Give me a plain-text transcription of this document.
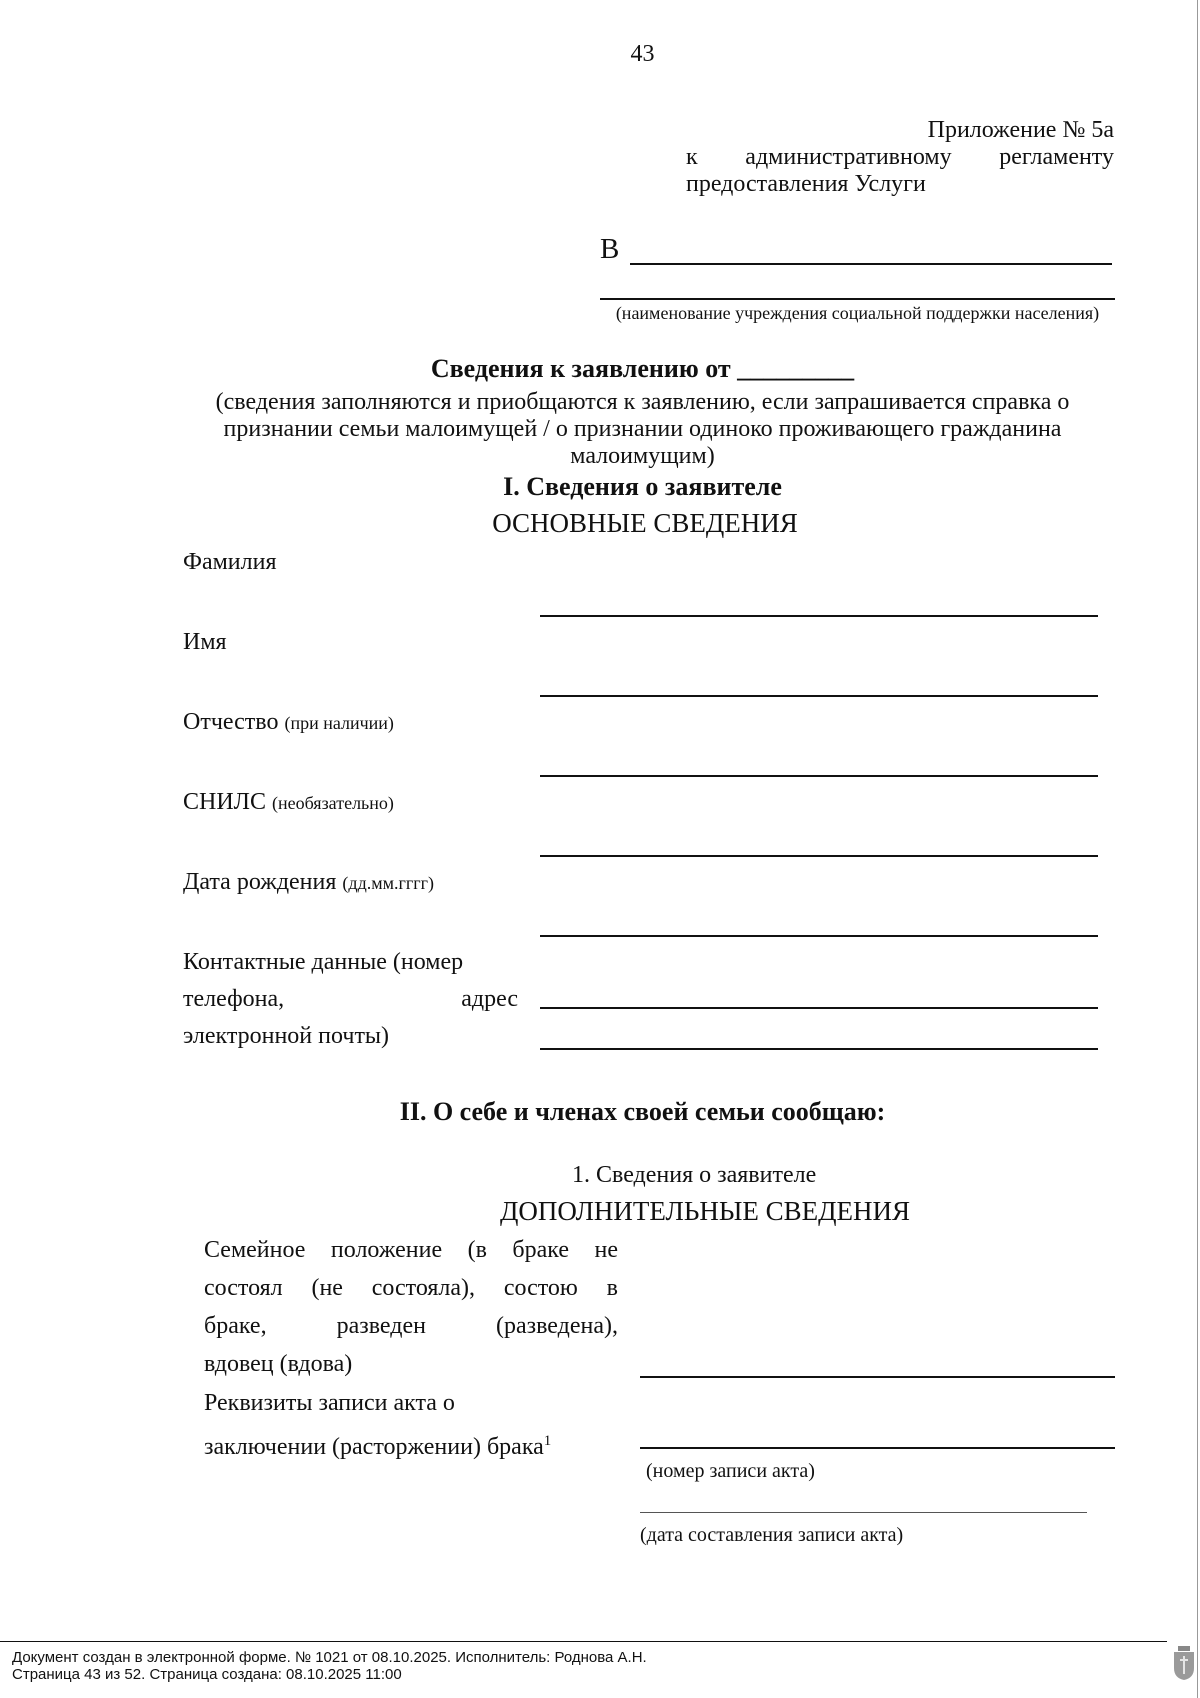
43
Приложение № 5а
к административному регламенту
предоставления Услуги
В
(наименование учреждения социальной поддержки населения)
Сведения к заявлению от _________
(сведения заполняются и приобщаются к заявлению, если запрашивается справка о
признании семьи малоимущей / о признании одиноко проживающего гражданина
малоимущим)
I. Сведения о заявителе
ОСНОВНЫЕ СВЕДЕНИЯ
Фамилия
Имя
Отчество (при наличии)
СНИЛС (необязательно)
Дата рождения (дд.мм.гггг)
Контактные данные (номер
телефона,	адрес
электронной почты)
II. О себе и членах своей семьи сообщаю:
1. Сведения о заявителе
ДОПОЛНИТЕЛЬНЫЕ СВЕДЕНИЯ
Семейное положение (в браке не
состоял (не состояла), состою в
браке,	разведен	(разведена),
вдовец (вдова)
Реквизиты записи акта о
заключении (расторжении) брака$^1$
(номер записи акта)
(дата составления записи акта)
Документ создан в электронной форме. № 1021 от 08.10.2025. Исполнитель: Роднова А.Н.
Страница 43 из 52. Страница создана: 08.10.2025 11:00
